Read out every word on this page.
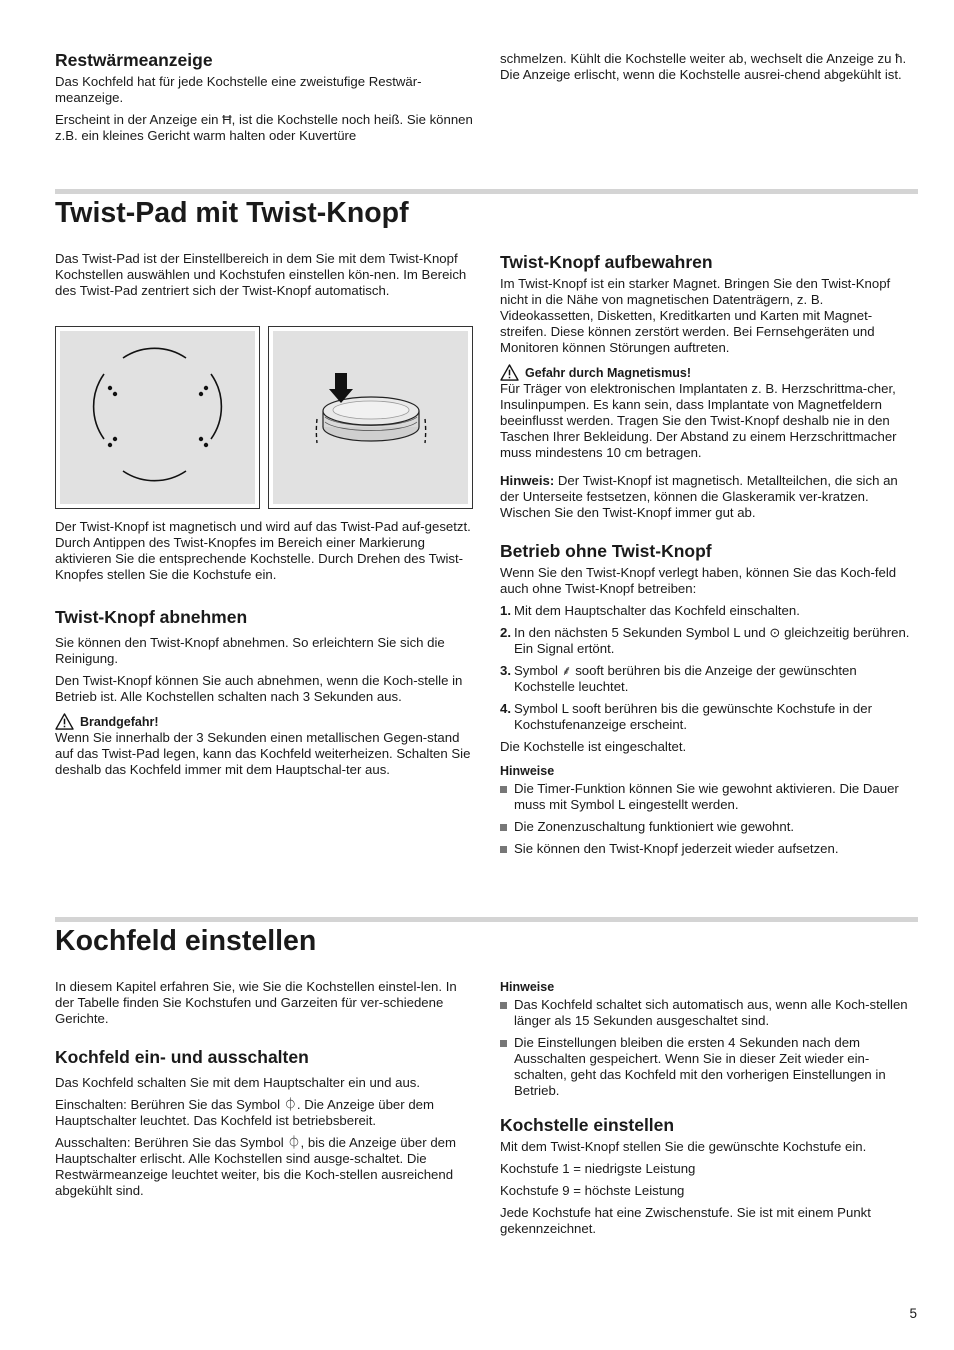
Restwärmeanzeige

Das Kochfeld hat für jede Kochstelle eine zweistufige Restwär-meanzeige.

Erscheint in der Anzeige ein Ħ, ist die Kochstelle noch heiß. Sie können z.B. ein kleines Gericht warm halten oder Kuvertüre

schmelzen. Kühlt die Kochstelle weiter ab, wechselt die Anzeige zu ħ. Die Anzeige erlischt, wenn die Kochstelle ausrei-chend abgekühlt ist.

Twist-Pad mit Twist-Knopf

Das Twist-Pad ist der Einstellbereich in dem Sie mit dem Twist-Knopf Kochstellen auswählen und Kochstufen einstellen kön-nen. Im Bereich des Twist-Pad zentriert sich der Twist-Knopf automatisch.

Der Twist-Knopf ist magnetisch und wird auf das Twist-Pad auf-gesetzt. Durch Antippen des Twist-Knopfes im Bereich einer Markierung aktivieren Sie die entsprechende Kochstelle. Durch Drehen des Twist-Knopfes stellen Sie die Kochstufe ein.

Twist-Knopf abnehmen

Sie können den Twist-Knopf abnehmen. So erleichtern Sie sich die Reinigung.

Den Twist-Knopf können Sie auch abnehmen, wenn die Koch-stelle in Betrieb ist. Alle Kochstellen schalten nach 3 Sekunden aus.

Brandgefahr!

Wenn Sie innerhalb der 3 Sekunden einen metallischen Gegen-stand auf das Twist-Pad legen, kann das Kochfeld weiterheizen. Schalten Sie deshalb das Kochfeld immer mit dem Hauptschal-ter aus.

Twist-Knopf aufbewahren

Im Twist-Knopf ist ein starker Magnet. Bringen Sie den Twist-Knopf nicht in die Nähe von magnetischen Datenträgern, z. B. Videokassetten, Disketten, Kreditkarten und Karten mit Magnet-streifen. Diese können zerstört werden. Bei Fernsehgeräten und Monitoren können Störungen auftreten.

Gefahr durch Magnetismus!

Für Träger von elektronischen Implantaten z. B. Herzschrittma-cher, Insulinpumpen. Es kann sein, dass Implantate von Magnetfeldern beeinflusst werden. Tragen Sie den Twist-Knopf deshalb nie in den Taschen Ihrer Bekleidung. Der Abstand zu einem Herzschrittmacher muss mindestens 10 cm betragen.

Hinweis: Der Twist-Knopf ist magnetisch. Metallteilchen, die sich an der Unterseite festsetzen, können die Glaskeramik ver-kratzen. Wischen Sie den Twist-Knopf immer gut ab.

Betrieb ohne Twist-Knopf

Wenn Sie den Twist-Knopf verlegt haben, können Sie das Koch-feld auch ohne Twist-Knopf betreiben:

1. Mit dem Hauptschalter das Kochfeld einschalten.
2. In den nächsten 5 Sekunden Symbol L und ⊙ gleichzeitig berühren. Ein Signal ertönt.
3. Symbol ⸙ sooft berühren bis die Anzeige der gewünschten Kochstelle leuchtet.
4. Symbol L sooft berühren bis die gewünschte Kochstufe in der Kochstufenanzeige erscheint.

Die Kochstelle ist eingeschaltet.

Hinweise
Die Timer-Funktion können Sie wie gewohnt aktivieren. Die Dauer muss mit Symbol L eingestellt werden.
Die Zonenzuschaltung funktioniert wie gewohnt.
Sie können den Twist-Knopf jederzeit wieder aufsetzen.
Kochfeld einstellen

In diesem Kapitel erfahren Sie, wie Sie die Kochstellen einstel-len. In der Tabelle finden Sie Kochstufen und Garzeiten für ver-schiedene Gerichte.

Kochfeld ein- und ausschalten

Das Kochfeld schalten Sie mit dem Hauptschalter ein und aus.

Einschalten: Berühren Sie das Symbol ⏀. Die Anzeige über dem Hauptschalter leuchtet. Das Kochfeld ist betriebsbereit.

Ausschalten: Berühren Sie das Symbol ⏀, bis die Anzeige über dem Hauptschalter erlischt. Alle Kochstellen sind ausge-schaltet. Die Restwärmeanzeige leuchtet weiter, bis die Koch-stellen ausreichend abgekühlt sind.

Hinweise
Das Kochfeld schaltet sich automatisch aus, wenn alle Koch-stellen länger als 15 Sekunden ausgeschaltet sind.
Die Einstellungen bleiben die ersten 4 Sekunden nach dem Ausschalten gespeichert. Wenn Sie in dieser Zeit wieder ein-schalten, geht das Kochfeld mit den vorherigen Einstellungen in Betrieb.
Kochstelle einstellen

Mit dem Twist-Knopf stellen Sie die gewünschte Kochstufe ein.

Kochstufe 1 = niedrigste Leistung

Kochstufe 9 = höchste Leistung

Jede Kochstufe hat eine Zwischenstufe. Sie ist mit einem Punkt gekennzeichnet.

5
